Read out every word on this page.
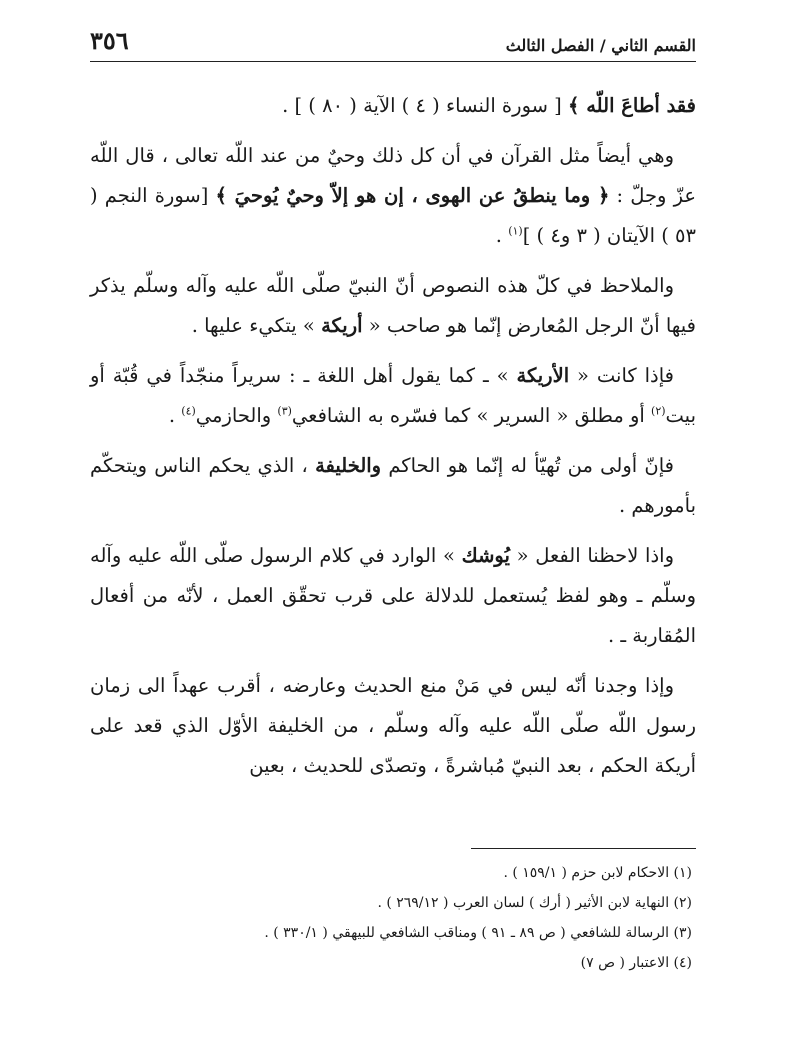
القسم الثاني / الفصل الثالث
٣٥٦

فقد أطاعَ اللّه ﴾ [ سورة النساء ( ٤ ) الآية ( ٨٠ ) ] .

وهي أيضاً مثل القرآن في أن كل ذلك وحيٌ من عند اللّه تعالى ، قال اللّه عزّ وجلّ : ﴿ وما ينطقُ عن الهوى ، إن هو إلاّ وحيٌ يُوحيَ ﴾ [سورة النجم ( ٥٣ ) الآيتان ( ٣ و٤ ) ]$^{(١)}$ .

والملاحظ في كلّ هذه النصوص أنّ النبيّ صلّى اللّه عليه وآله وسلّم يذكر فيها أنّ الرجل المُعارض إنّما هو صاحب « أريكة » يتكيء عليها .

فإذا كانت « الأريكة » ـ كما يقول أهل اللغة ـ : سريراً منجّداً في قُبّة أو بيت$^{(٢)}$ أو مطلق « السرير » كما فسّره به الشافعي$^{(٣)}$ والحازمي$^{(٤)}$ .

فإنّ أولى من تُهيّأ له إنّما هو الحاكم والخليفة ، الذي يحكم الناس ويتحكّم بأمورهم .

واذا لاحظنا الفعل « يُوشك » الوارد في كلام الرسول صلّى اللّه عليه وآله وسلّم ـ وهو لفظ يُستعمل للدلالة على قرب تحقّق العمل ، لأنّه من أفعال المُقاربة ـ .

وإذا وجدنا أنّه ليس في مَنْ منع الحديث وعارضه ، أقرب عهداً الى زمان رسول اللّه صلّى اللّه عليه وآله وسلّم ، من الخليفة الأوّل الذي قعد على أريكة الحكم ، بعد النبيّ مُباشرةً ، وتصدّى للحديث ، بعين

(١) الاحكام لابن حزم ( ١٥٩/١ ) .

(٢) النهاية لابن الأثير ( أرك ) لسان العرب ( ٢٦٩/١٢ ) .

(٣) الرسالة للشافعي ( ص ٨٩ ـ ٩١ ) ومناقب الشافعي للبيهقي ( ٣٣٠/١ ) .

(٤) الاعتبار ( ص ٧)
